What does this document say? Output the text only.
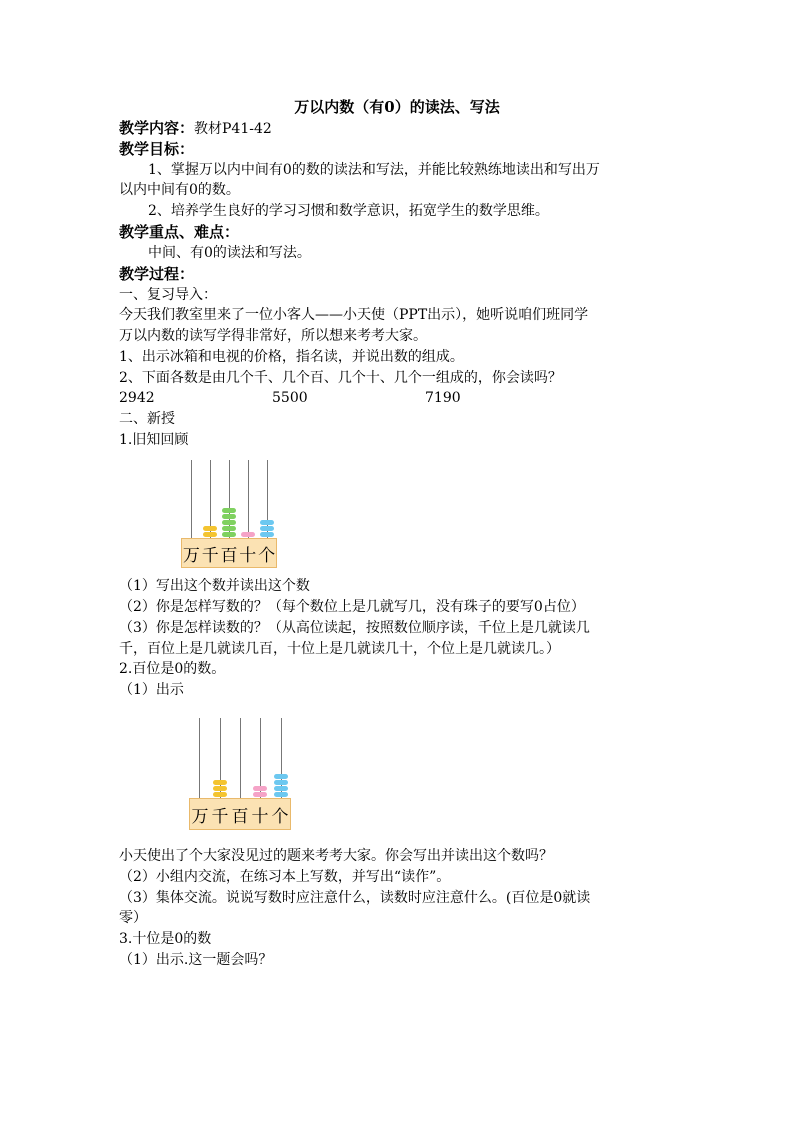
万以内数（有0）的读法、写法
教学内容：教材P41-42
教学目标：
1、掌握万以内中间有0的数的读法和写法，并能比较熟练地读出和写出万
以内中间有0的数。
2、培养学生良好的学习习惯和数学意识，拓宽学生的数学思维。
教学重点、难点：
中间、有0的读法和写法。
教学过程：
一、复习导入：
今天我们教室里来了一位小客人——小天使（PPT出示），她听说咱们班同学
万以内数的读写学得非常好，所以想来考考大家。
1、出示冰箱和电视的价格，指名读，并说出数的组成。
2、下面各数是由几个千、几个百、几个十、几个一组成的，你会读吗？
2942	5500	7190
二、新授
1.旧知回顾
万 千 百 十 个
（1）写出这个数并读出这个数
（2）你是怎样写数的？（每个数位上是几就写几，没有珠子的要写0占位）
（3）你是怎样读数的？（从高位读起，按照数位顺序读，千位上是几就读几
千，百位上是几就读几百，十位上是几就读几十，个位上是几就读几。）
2.百位是0的数。
（1）出示
万 千 百 十 个
小天使出了个大家没见过的题来考考大家。你会写出并读出这个数吗？
（2）小组内交流，在练习本上写数，并写出“读作”。
（3）集体交流。说说写数时应注意什么，读数时应注意什么。(百位是0就读
零）
3.十位是0的数
（1）出示.这一题会吗？
